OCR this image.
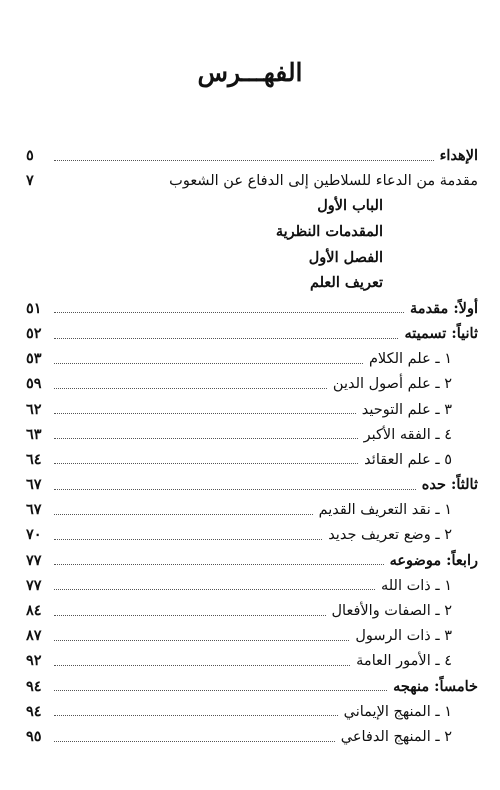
الفهـــرس
الإهداء
٥
مقدمة من الدعاء للسلاطين إلى الدفاع عن الشعوب
٧
الباب الأول
المقدمات النظرية
الفصل الأول
تعريف العلم
أولاً: مقدمة
٥١
ثانياً: تسميته
٥٢
١ ـ علم الكلام
٥٣
٢ ـ علم أصول الدين
٥٩
٣ ـ علم التوحيد
٦٢
٤ ـ الفقه الأكبر
٦٣
٥ ـ علم العقائد
٦٤
ثالثاً: حده
٦٧
١ ـ نقد التعريف القديم
٦٧
٢ ـ وضع تعريف جديد
٧٠
رابعاً: موضوعه
٧٧
١ ـ ذات الله
٧٧
٢ ـ الصفات والأفعال
٨٤
٣ ـ ذات الرسول
٨٧
٤ ـ الأمور العامة
٩٢
خامساً: منهجه
٩٤
١ ـ المنهج الإيماني
٩٤
٢ ـ المنهج الدفاعي
٩٥
